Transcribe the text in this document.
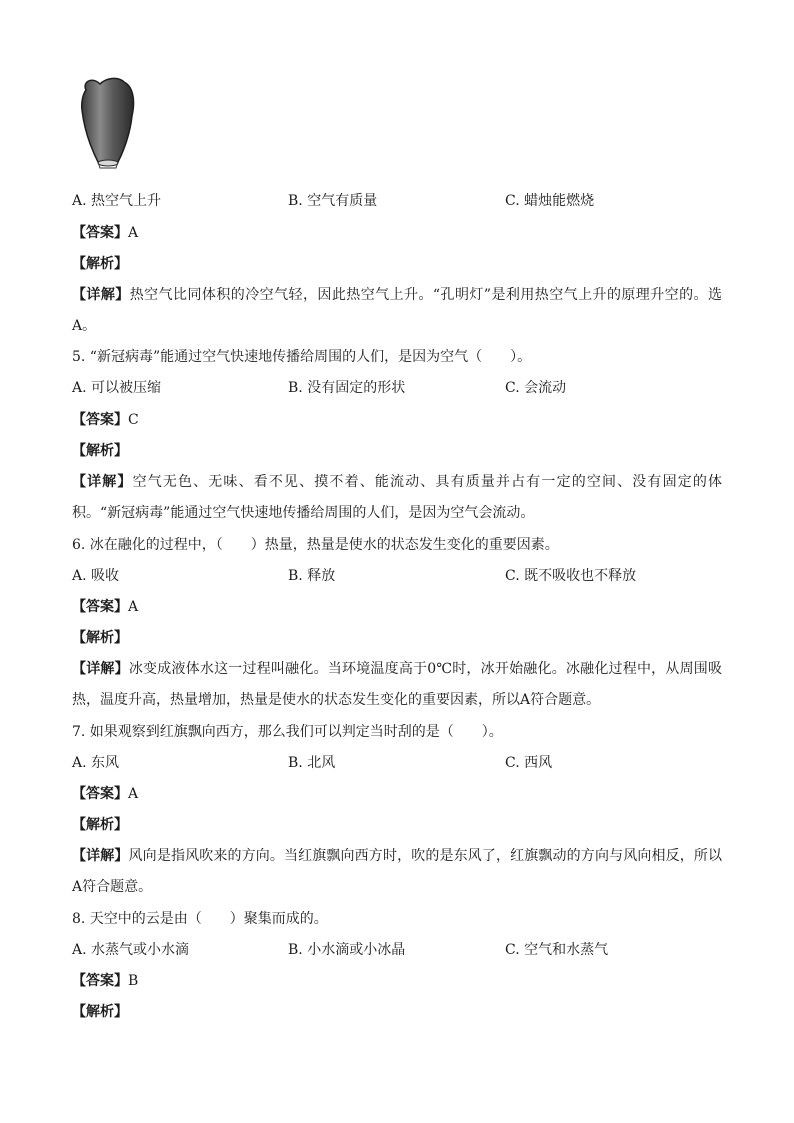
A. 热空气上升	B. 空气有质量	C. 蜡烛能燃烧
【答案】A
【解析】
【详解】热空气比同体积的冷空气轻，因此热空气上升。“孔明灯”是利用热空气上升的原理升空的。选A。
5. “新冠病毒”能通过空气快速地传播给周围的人们，是因为空气（　　）。
A. 可以被压缩	B. 没有固定的形状	C. 会流动
【答案】C
【解析】
【详解】空气无色、无味、看不见、摸不着、能流动、具有质量并占有一定的空间、没有固定的体积。“新冠病毒”能通过空气快速地传播给周围的人们，是因为空气会流动。
6. 冰在融化的过程中，（　　）热量，热量是使水的状态发生变化的重要因素。
A. 吸收	B. 释放	C. 既不吸收也不释放
【答案】A
【解析】
【详解】冰变成液体水这一过程叫融化。当环境温度高于0℃时，冰开始融化。冰融化过程中，从周围吸热，温度升高，热量增加，热量是使水的状态发生变化的重要因素，所以A符合题意。
7. 如果观察到红旗飘向西方，那么我们可以判定当时刮的是（　　）。
A. 东风	B. 北风	C. 西风
【答案】A
【解析】
【详解】风向是指风吹来的方向。当红旗飘向西方时，吹的是东风了，红旗飘动的方向与风向相反，所以A符合题意。
8. 天空中的云是由（　　）聚集而成的。
A. 水蒸气或小水滴	B. 小水滴或小冰晶	C. 空气和水蒸气
【答案】B
【解析】
